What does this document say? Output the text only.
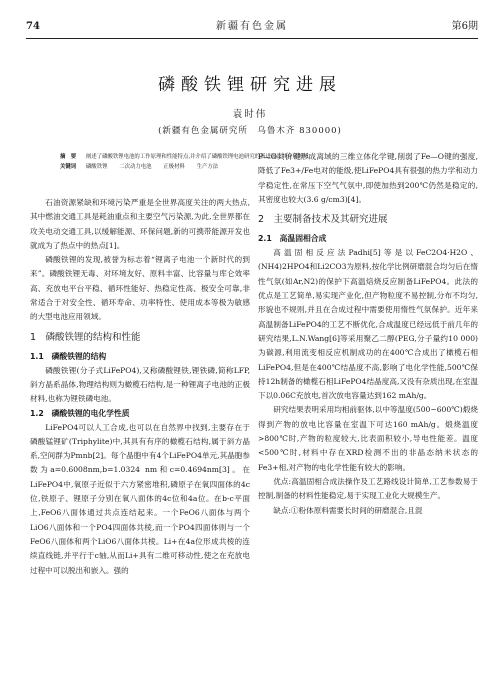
74	新疆有色金属	第6期
磷酸铁锂研究进展
袁时伟
(新疆有色金属研究所　乌鲁木齐 830000)
摘　要 阐述了磷酸铁锂电池的工作原理和性能特点,并介绍了磷酸铁锂电池研究的新进展及其应用领域。
关键词 磷酸铁锂 二次动力电池 正极材料 生产方法

石油资源紧缺和环境污染严重是全世界高度关注的两大热点,其中燃油交通工具是耗油重点和主要空气污染源,为此,全世界都在攻关电动交通工具,以缓解能源、环保问题,新的可携带能源开发也就成为了热点中的热点[1]。

磷酸铁锂的发现,被誉为标志着“锂离子电池一个新时代的到来”。磷酸铁锂无毒、对环境友好、原料丰富、比容量与库仑效率高、充放电平台平稳、循环性能好、热稳定性高、极安全可靠,非常适合于对安全性、循环寿命、功率特性、使用成本等极为敏感的大型电池应用领域。

1　磷酸铁锂的结构和性能
1.1　磷酸铁锂的结构

磷酸铁锂(分子式LiFePO4),又称磷酸锂铁,锂铁磷,简称LFP,斜方晶系晶体,物理结构则为橄榄石结构,是一种锂离子电池的正极材料,也称为锂铁磷电池。

1.2　磷酸铁锂的电化学性质

LiFePO4可以人工合成,也可以在自然界中找到,主要存在于磷酸锰锂矿(Triphylite)中,其具有有序的橄榄石结构,属于斜方晶系,空间群为Pmnb[2]。每个晶胞中有4个LiFePO4单元,其晶胞参数为a=0.6008nm,b=1.0324 nm和c=0.4694nm[3]。在LiFePO4中,氧原子近似于六方紧密堆积,磷原子在氧四面体的4c位,铁原子、锂原子分别在氧八面体的4c位和4a位。在b-c平面上,FeO6八面体通过共点连结起来。一个FeO6八面体与两个LiO6八面体和一个PO4四面体共棱,而一个PO4四面体则与一个FeO6八面体和两个LiO6八面体共棱。Li+在4a位形成共棱的连续直线链,并平行于c轴,从而Li+具有二维可移动性,使之在充放电过程中可以脱出和嵌入。强的

P—O共价键形成离域的三维立体化学键,削弱了Fe—O键的强度,降低了Fe3+/Fe电对的能级,使LiFePO4具有很强的热力学和动力学稳定性,在常压下空气气氛中,即使加热到200℃仍然是稳定的,其密度也较大(3.6 g/cm3)[4]。

2　主要制备技术及其研究进展
2.1　高温固相合成

高温固相反应法Padhi[5]等是以FeC2O4·H2O、(NH4)2HPO4和Li2CO3为原料,按化学比例研磨混合均匀后在惰性气氛(如Ar,N2)的保护下高温焙烧反应制备LiFePO4。此法的优点是工艺简单,易实现产业化,但产物粒度不易控制,分布不均匀,形貌也不规则,并且在合成过程中需要使用惰性气氛保护。近年来高温制备LiFePO4的工艺不断优化,合成温度已经远低于前几年的研究结果,L.N.Wang[6]等采用聚乙二醇(PEG,分子量约10 000)为碳源,利用流变相反应机制成功的在400℃合成出了橄榄石相LiFePO4,但是在400℃结晶度不高,影响了电化学性能,500℃保持12h制备的橄榄石相LiFePO4结晶度高,又没有杂质出现,在室温下以0.06C充放电,首次放电容量达到162 mAh/g。

研究结果表明采用均相前驱体,以中等温度(500~600℃)煅烧得到产物的放电比容量在室温下可达160 mAh/g。煅烧温度>800℃时,产物的粒度较大,比表面积较小,导电性能差。温度<500℃时,材料中存在XRD检测不出的非晶态纳米状态的Fe3+相,对产物的电化学性能有较大的影响。

优点:高温固相合成法操作及工艺路线设计简单,工艺参数易于控制,制备的材料性能稳定,易于实现工业化大规模生产。

缺点:①粉体原料需要长时间的研磨混合,且混
